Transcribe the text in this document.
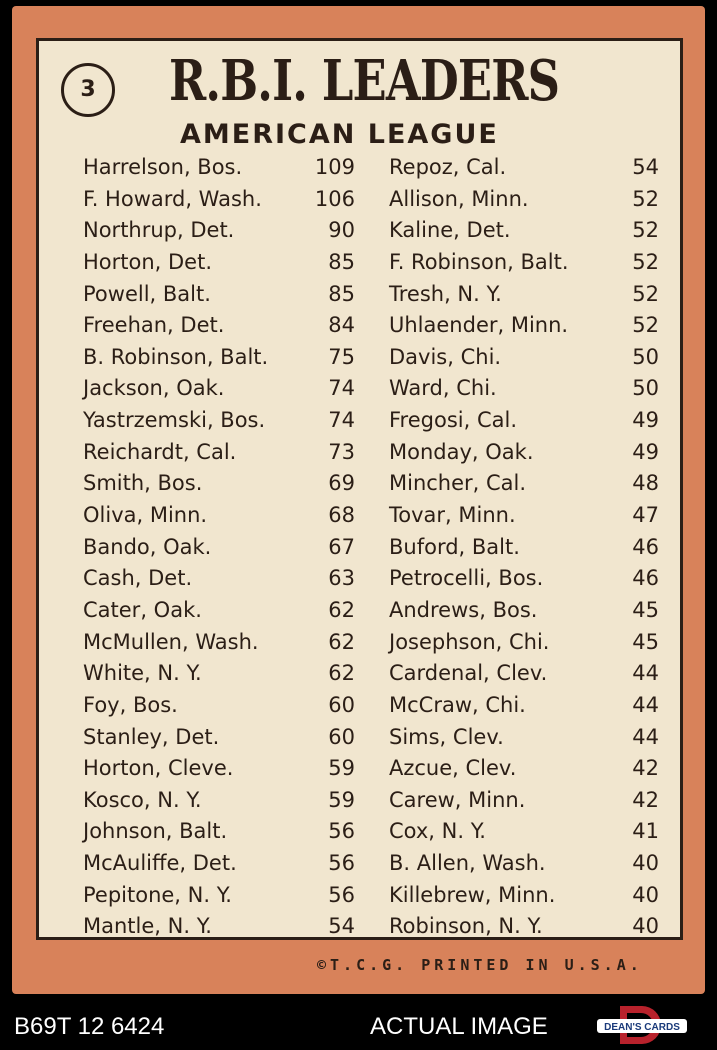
3	R.B.I. LEADERS
AMERICAN LEAGUE
Harrelson, Bos.	109
F. Howard, Wash.	106
Northrup, Det.	90
Horton, Det.	85
Powell, Balt.	85
Freehan, Det.	84
B. Robinson, Balt.	75
Jackson, Oak.	74
Yastrzemski, Bos.	74
Reichardt, Cal.	73
Smith, Bos.	69
Oliva, Minn.	68
Bando, Oak.	67
Cash, Det.	63
Cater, Oak.	62
McMullen, Wash.	62
White, N. Y.	62
Foy, Bos.	60
Stanley, Det.	60
Horton, Cleve.	59
Kosco, N. Y.	59
Johnson, Balt.	56
McAuliffe, Det.	56
Pepitone, N. Y.	56
Mantle, N. Y.	54
Repoz, Cal.	54
Allison, Minn.	52
Kaline, Det.	52
F. Robinson, Balt.	52
Tresh, N. Y.	52
Uhlaender, Minn.	52
Davis, Chi.	50
Ward, Chi.	50
Fregosi, Cal.	49
Monday, Oak.	49
Mincher, Cal.	48
Tovar, Minn.	47
Buford, Balt.	46
Petrocelli, Bos.	46
Andrews, Bos.	45
Josephson, Chi.	45
Cardenal, Clev.	44
McCraw, Chi.	44
Sims, Clev.	44
Azcue, Clev.	42
Carew, Minn.	42
Cox, N. Y.	41
B. Allen, Wash.	40
Killebrew, Minn.	40
Robinson, N. Y.	40

©T.C.G. PRINTED IN U.S.A.

B69T 12 6424	ACTUAL IMAGE	DEAN'S CARDS
